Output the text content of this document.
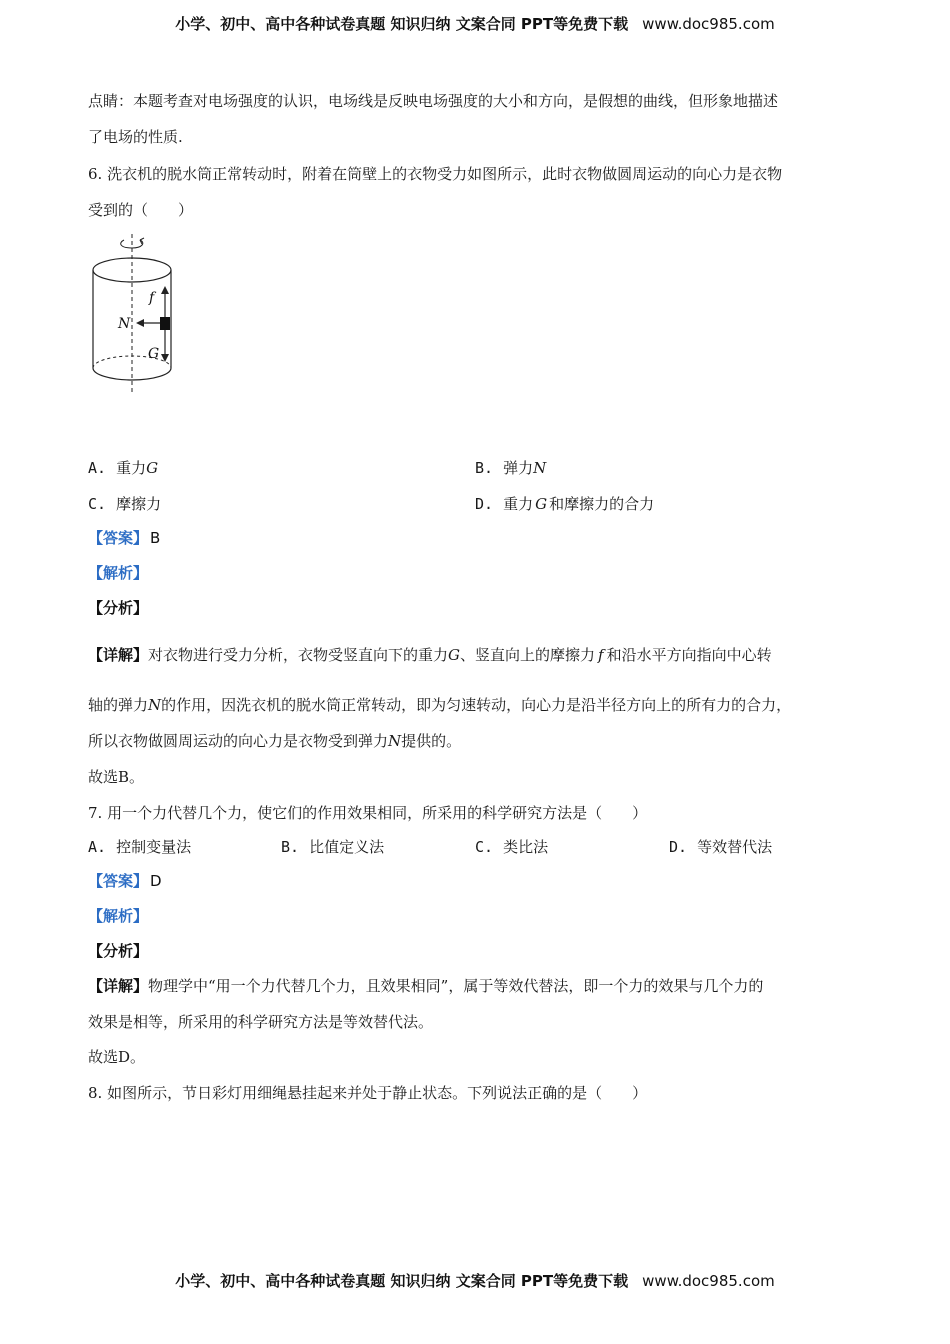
小学、初中、高中各种试卷真题 知识归纳 文案合同 PPT等免费下载 www.doc985.com
点睛：本题考查对电场强度的认识，电场线是反映电场强度的大小和方向，是假想的曲线，但形象地描述
了电场的性质.
6. 洗衣机的脱水筒正常转动时，附着在筒壁上的衣物受力如图所示，此时衣物做圆周运动的向心力是衣物
受到的（　　）
f
N
G
A. 重力G	B. 弹力N
C. 摩擦力	D. 重力 G 和摩擦力的合力
【答案】 B
【解析】
【分析】
【详解】对衣物进行受力分析，衣物受竖直向下的重力G、竖直向上的摩擦力 f 和沿水平方向指向中心转
轴的弹力N的作用，因洗衣机的脱水筒正常转动，即为匀速转动，向心力是沿半径方向上的所有力的合力，
所以衣物做圆周运动的向心力是衣物受到弹力N提供的。
故选B。
7. 用一个力代替几个力，使它们的作用效果相同，所采用的科学研究方法是（　　）
A. 控制变量法	B. 比值定义法	C. 类比法	D. 等效替代法
【答案】 D
【解析】
【分析】
【详解】物理学中“用一个力代替几个力，且效果相同”，属于等效代替法，即一个力的效果与几个力的
效果是相等，所采用的科学研究方法是等效替代法。
故选D。
8. 如图所示，节日彩灯用细绳悬挂起来并处于静止状态。下列说法正确的是（　　）
小学、初中、高中各种试卷真题 知识归纳 文案合同 PPT等免费下载 www.doc985.com
